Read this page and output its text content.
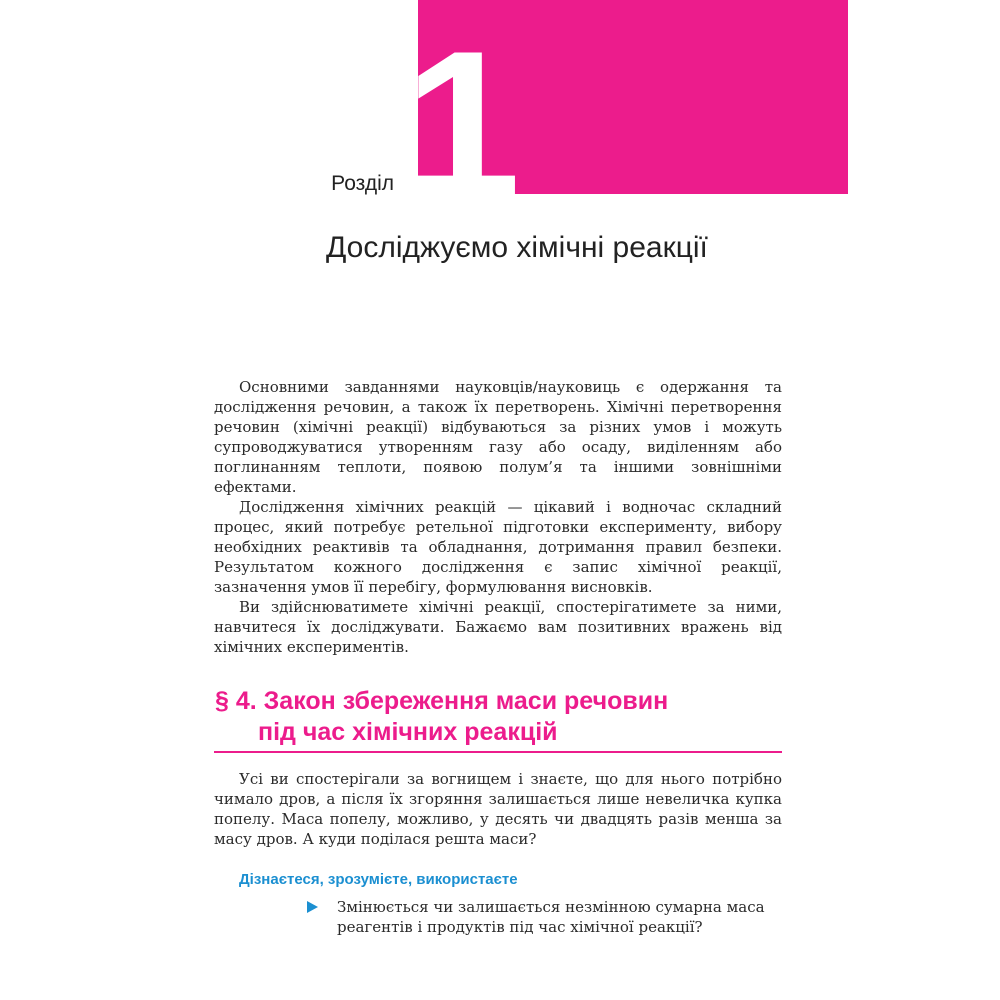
1
Розділ
Досліджуємо хімічні реакції

Основними завданнями науковців/науковиць є одержання та дослідження речовин, а також їх перетворень. Хімічні перетворення речовин (хімічні реакції) відбуваються за різних умов і можуть супроводжуватися утворенням газу або осаду, виділенням або поглинанням теплоти, появою полум’я та іншими зовнішніми ефектами.

Дослідження хімічних реакцій — цікавий і водночас складний процес, який потребує ретельної підготовки експерименту, вибору необхідних реактивів та обладнання, дотримання правил безпеки. Результатом кожного дослідження є запис хімічної реакції, зазначення умов її перебігу, формулювання висновків.

Ви здійснюватимете хімічні реакції, спостерігатимете за ними, навчитеся їх досліджувати. Бажаємо вам позитивних вражень від хімічних експериментів.

§ 4. Закон збереження маси речовин
під час хімічних реакцій

Усі ви спостерігали за вогнищем і знаєте, що для нього потрібно чимало дров, а після їх згоряння залишається лише невеличка купка попелу. Маса попелу, можливо, у десять чи двадцять разів менша за масу дров. А куди поділася решта маси?

Дізнаєтеся, зрозумієте, використаєте
Змінюється чи залишається незмінною сумарна маса реагентів і продуктів під час хімічної реакції?
